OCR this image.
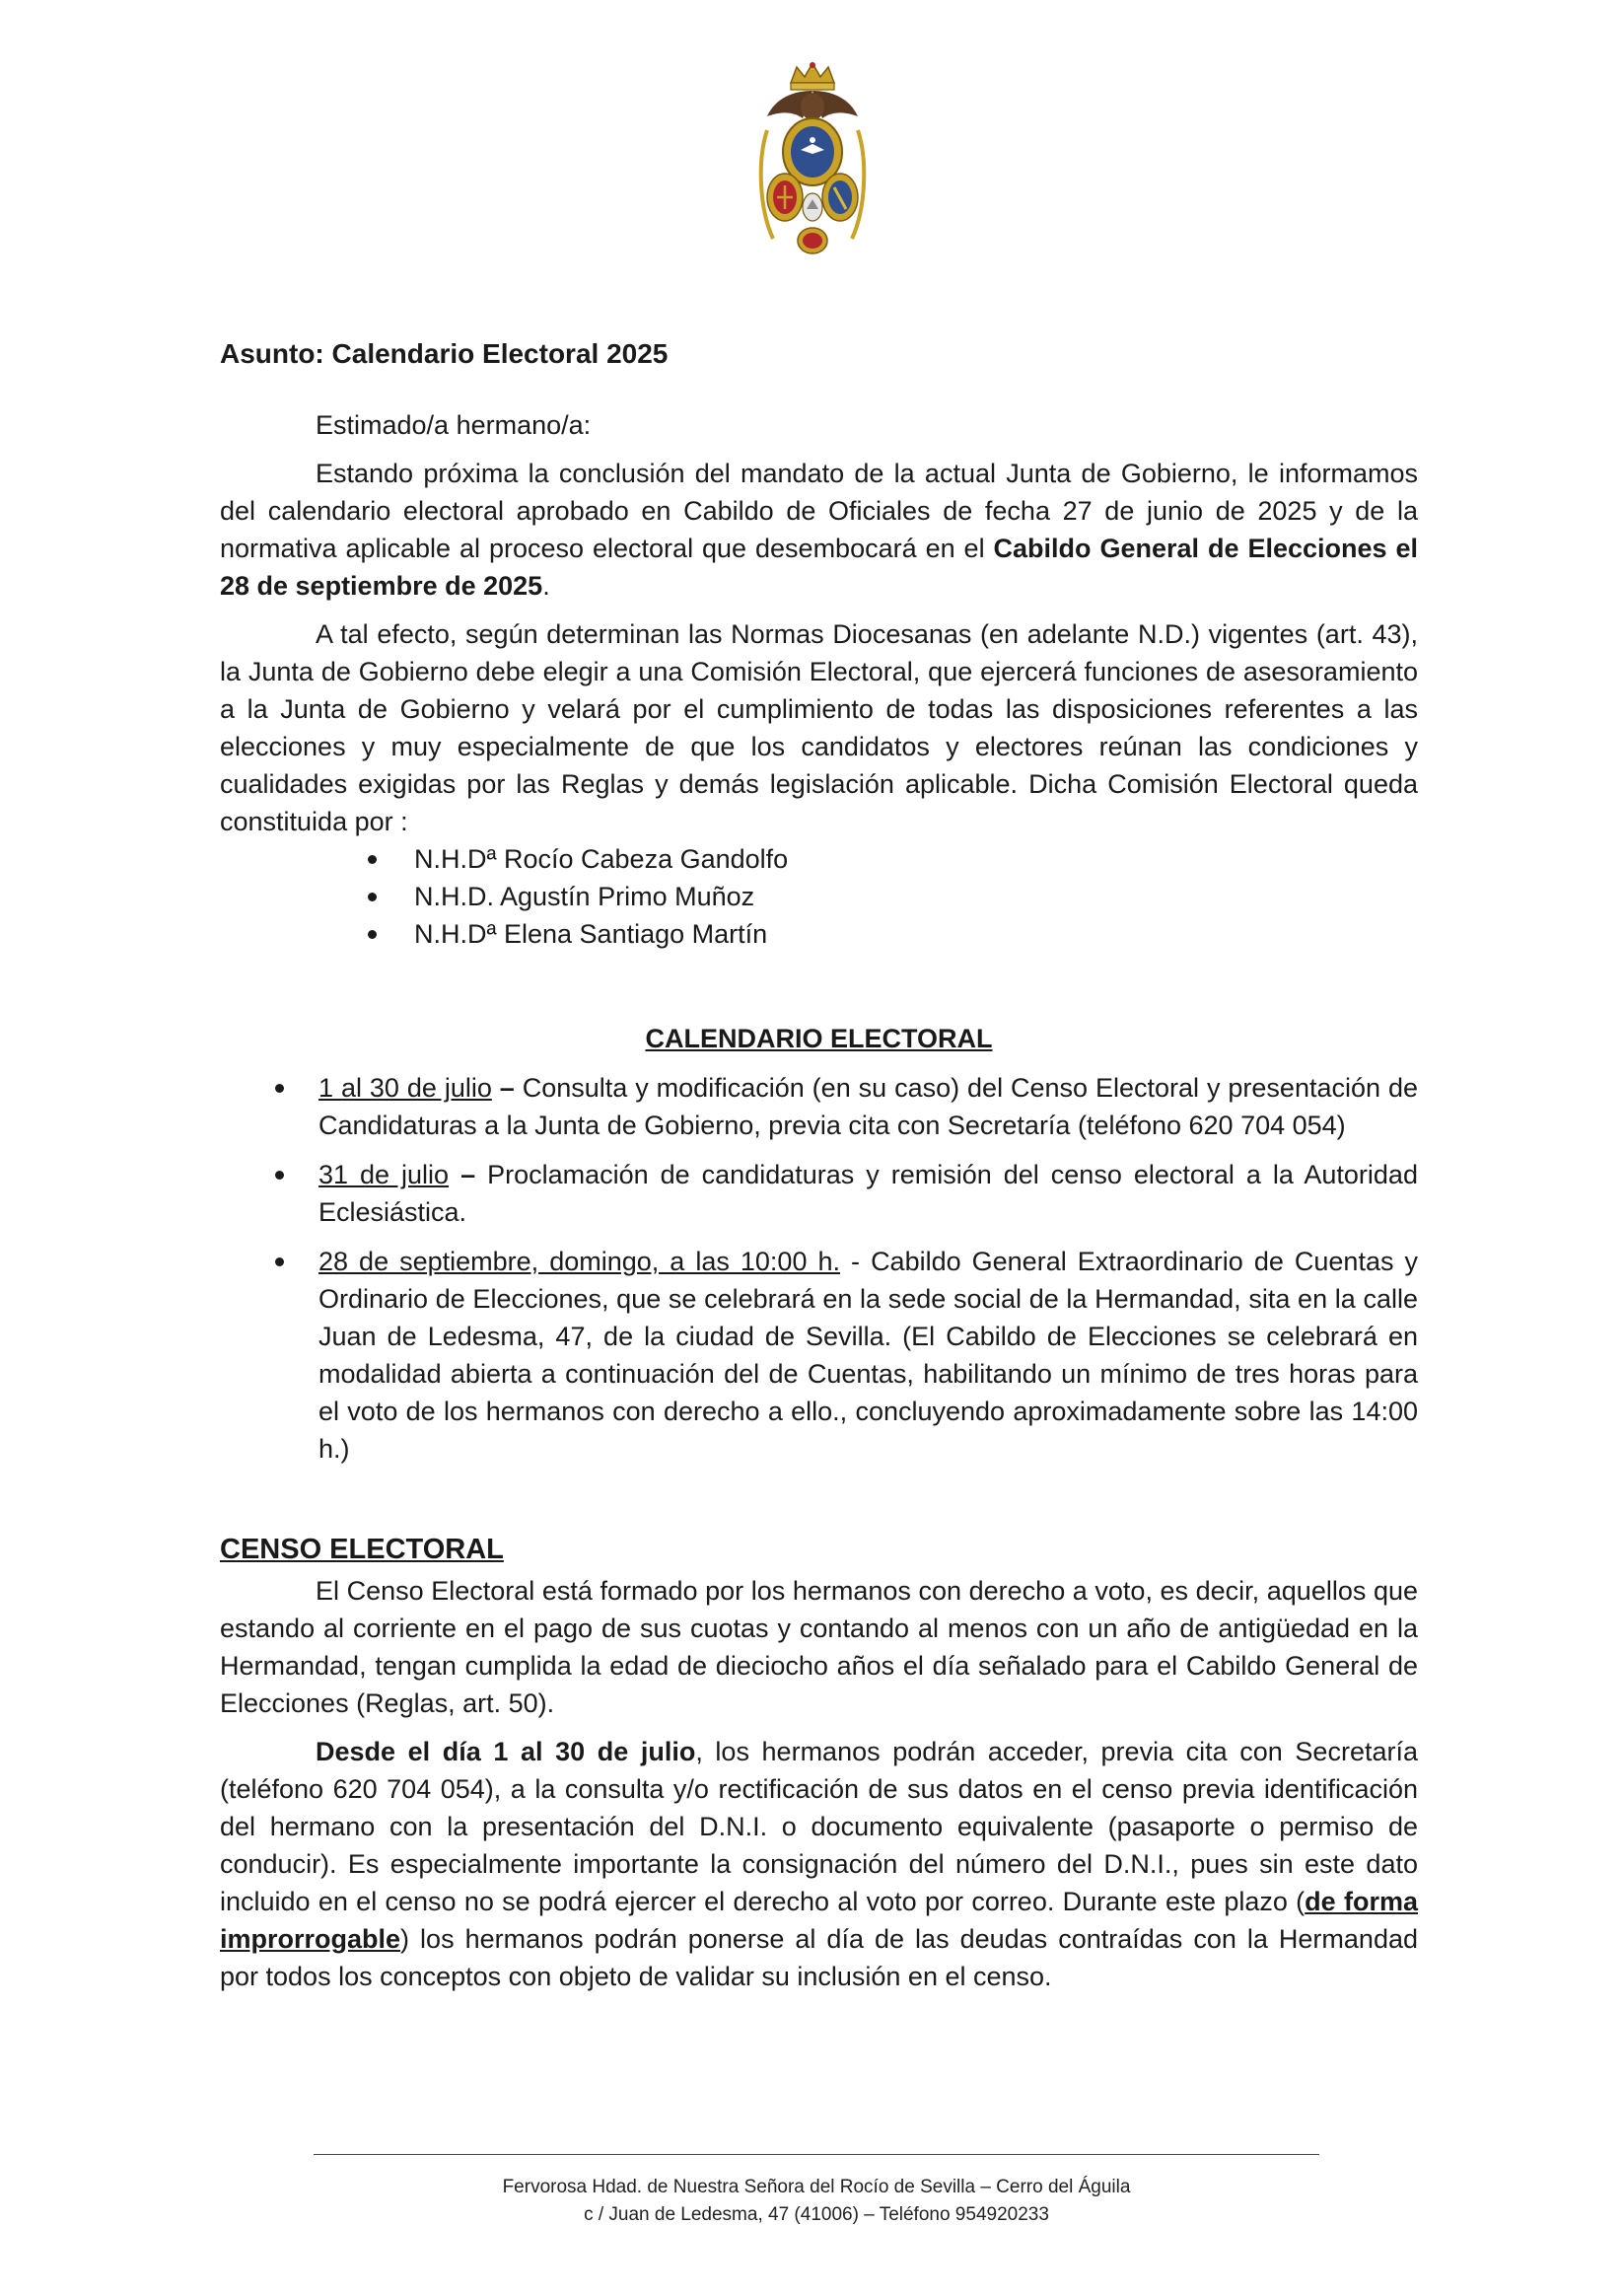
Asunto: Calendario Electoral 2025

Estimado/a hermano/a:

Estando próxima la conclusión del mandato de la actual Junta de Gobierno, le informamos del calendario electoral aprobado en Cabildo de Oficiales de fecha 27 de junio de 2025 y de la normativa aplicable al proceso electoral que desembocará en el Cabildo General de Elecciones el 28 de septiembre de 2025.

A tal efecto, según determinan las Normas Diocesanas (en adelante N.D.) vigentes (art. 43), la Junta de Gobierno debe elegir a una Comisión Electoral, que ejercerá funciones de asesoramiento a la Junta de Gobierno y velará por el cumplimiento de todas las disposiciones referentes a las elecciones y muy especialmente de que los candidatos y electores reúnan las condiciones y cualidades exigidas por las Reglas y demás legislación aplicable. Dicha Comisión Electoral queda constituida por :

N.H.Dª Rocío Cabeza Gandolfo
N.H.D. Agustín Primo Muñoz
N.H.Dª Elena Santiago Martín

CALENDARIO ELECTORAL

1 al 30 de julio – Consulta y modificación (en su caso) del Censo Electoral y presentación de Candidaturas a la Junta de Gobierno, previa cita con Secretaría (teléfono 620 704 054)
31 de julio – Proclamación de candidaturas y remisión del censo electoral a la Autoridad Eclesiástica.
28 de septiembre, domingo, a las 10:00 h. - Cabildo General Extraordinario de Cuentas y Ordinario de Elecciones, que se celebrará en la sede social de la Hermandad, sita en la calle Juan de Ledesma, 47, de la ciudad de Sevilla. (El Cabildo de Elecciones se celebrará en modalidad abierta a continuación del de Cuentas, habilitando un mínimo de tres horas para el voto de los hermanos con derecho a ello., concluyendo aproximadamente sobre las 14:00 h.)

CENSO ELECTORAL

El Censo Electoral está formado por los hermanos con derecho a voto, es decir, aquellos que estando al corriente en el pago de sus cuotas y contando al menos con un año de antigüedad en la Hermandad, tengan cumplida la edad de dieciocho años el día señalado para el Cabildo General de Elecciones (Reglas, art. 50).

Desde el día 1 al 30 de julio, los hermanos podrán acceder, previa cita con Secretaría (teléfono 620 704 054), a la consulta y/o rectificación de sus datos en el censo previa identificación del hermano con la presentación del D.N.I. o documento equivalente (pasaporte o permiso de conducir). Es especialmente importante la consignación del número del D.N.I., pues sin este dato incluido en el censo no se podrá ejercer el derecho al voto por correo. Durante este plazo (de forma improrrogable) los hermanos podrán ponerse al día de las deudas contraídas con la Hermandad por todos los conceptos con objeto de validar su inclusión en el censo.

Fervorosa Hdad. de Nuestra Señora del Rocío de Sevilla – Cerro del Águila
c / Juan de Ledesma, 47 (41006) – Teléfono 954920233
